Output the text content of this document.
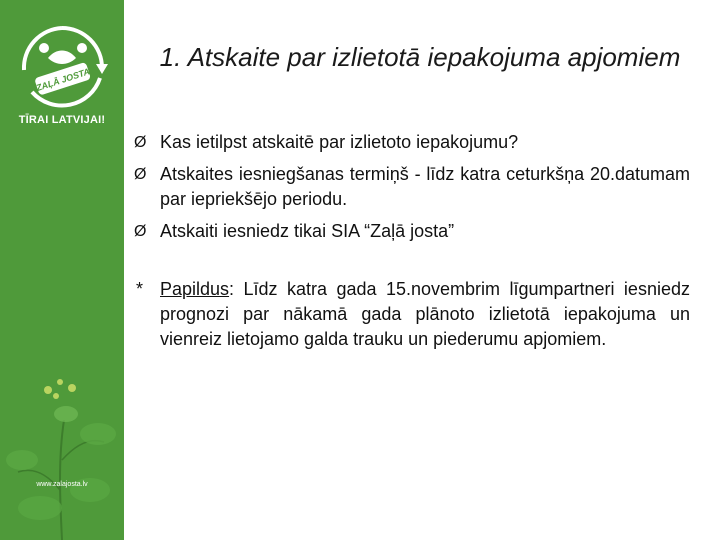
ZAĻĀ JOSTA
TĪRAI LATVIJAI!
www.zalajosta.lv
1. Atskaite par izlietotā iepakojuma apjomiem
Ø Kas ietilpst atskaitē par izlietoto iepakojumu?
Ø Atskaites iesniegšanas termiņš - līdz katra ceturkšņa 20.datumam par iepriekšējo periodu.
Ø Atskaiti iesniedz tikai SIA “Zaļā josta”
* Papildus: Līdz katra gada 15.novembrim līgumpartneri iesniedz prognozi par nākamā gada plānoto izlietotā iepakojuma un vienreiz lietojamo galda trauku un piederumu apjomiem.
